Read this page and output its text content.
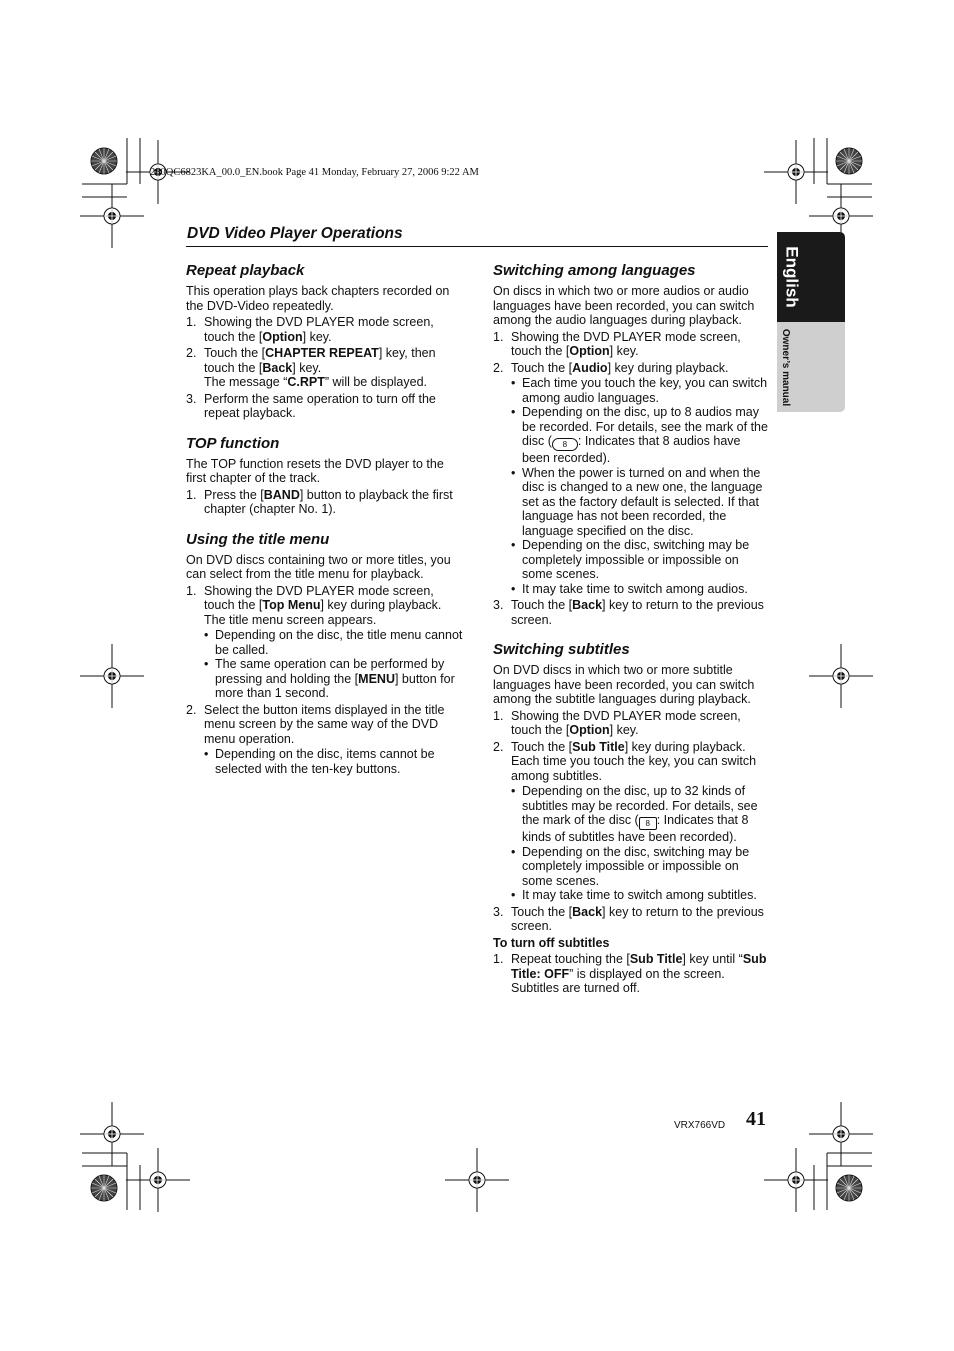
280QC6823KA_00.0_EN.book Page 41 Monday, February 27, 2006 9:22 AM
DVD Video Player Operations
English
Owner’s manual
Repeat playback

This operation plays back chapters recorded on the DVD-Video repeatedly.

1. Showing the DVD PLAYER mode screen, touch the [Option] key.
2. Touch the [CHAPTER REPEAT] key, then touch the [Back] key.
The message “C.RPT” will be displayed.
3. Perform the same operation to turn off the repeat playback.
TOP function

The TOP function resets the DVD player to the first chapter of the track.

1. Press the [BAND] button to playback the first chapter (chapter No. 1).
Using the title menu

On DVD discs containing two or more titles, you can select from the title menu for playback.

1. Showing the DVD PLAYER mode screen, touch the [Top Menu] key during playback.
The title menu screen appears.
• Depending on the disc, the title menu cannot be called.
• The same operation can be performed by pressing and holding the [MENU] button for more than 1 second.
2. Select the button items displayed in the title menu screen by the same way of the DVD menu operation.
• Depending on the disc, items cannot be selected with the ten-key buttons.
Switching among languages

On discs in which two or more audios or audio languages have been recorded, you can switch among the audio languages during playback.

1. Showing the DVD PLAYER mode screen, touch the [Option] key.
2. Touch the [Audio] key during playback.
• Each time you touch the key, you can switch among audio languages.
• Depending on the disc, up to 8 audios may be recorded. For details, see the mark of the disc ( 8 : Indicates that 8 audios have been recorded).
• When the power is turned on and when the disc is changed to a new one, the language set as the factory default is selected. If that language has not been recorded, the language specified on the disc.
• Depending on the disc, switching may be completely impossible or impossible on some scenes.
• It may take time to switch among audios.
3. Touch the [Back] key to return to the previous screen.
Switching subtitles

On DVD discs in which two or more subtitle languages have been recorded, you can switch among the subtitle languages during playback.

1. Showing the DVD PLAYER mode screen, touch the [Option] key.
2. Touch the [Sub Title] key during playback.
Each time you touch the key, you can switch among subtitles.
• Depending on the disc, up to 32 kinds of subtitles may be recorded. For details, see the mark of the disc ( 8 : Indicates that 8 kinds of subtitles have been recorded).
• Depending on the disc, switching may be completely impossible or impossible on some scenes.
• It may take time to switch among subtitles.
3. Touch the [Back] key to return to the previous screen.
To turn off subtitles
1. Repeat touching the [Sub Title] key until “Sub Title: OFF” is displayed on the screen.
Subtitles are turned off.
VRX766VD 41
